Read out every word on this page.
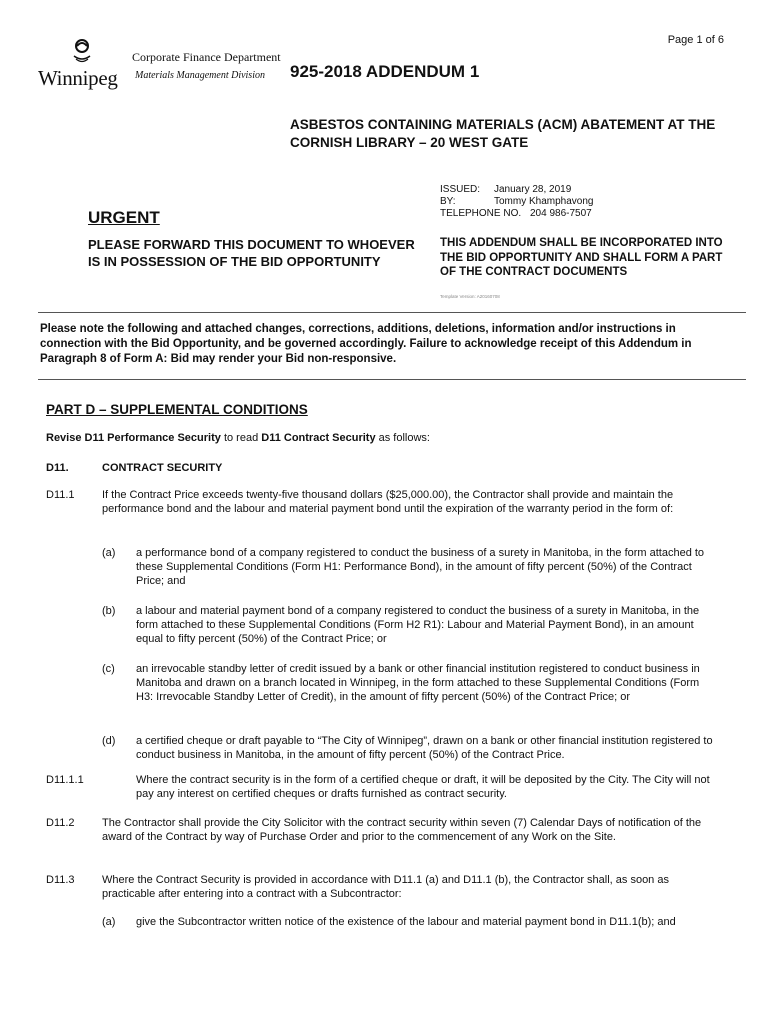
Page 1 of 6
Winnipeg
Corporate Finance Department
Materials Management Division 925-2018 ADDENDUM 1
ASBESTOS CONTAINING MATERIALS (ACM) ABATEMENT AT THE CORNISH LIBRARY – 20 WEST GATE
ISSUED:	January 28, 2019
BY:	Tommy Khamphavong
TELEPHONE NO. 204 986-7507
URGENT
PLEASE FORWARD THIS DOCUMENT TO WHOEVER IS IN POSSESSION OF THE BID OPPORTUNITY
THIS ADDENDUM SHALL BE INCORPORATED INTO THE BID OPPORTUNITY AND SHALL FORM A PART OF THE CONTRACT DOCUMENTS
Template Version: A20160708
Please note the following and attached changes, corrections, additions, deletions, information and/or instructions in connection with the Bid Opportunity, and be governed accordingly. Failure to acknowledge receipt of this Addendum in Paragraph 8 of Form A: Bid may render your Bid non-responsive.
PART D – SUPPLEMENTAL CONDITIONS
Revise D11 Performance Security to read D11 Contract Security as follows:
D11.	CONTRACT SECURITY
D11.1 If the Contract Price exceeds twenty-five thousand dollars ($25,000.00), the Contractor shall provide and maintain the performance bond and the labour and material payment bond until the expiration of the warranty period in the form of:
(a) a performance bond of a company registered to conduct the business of a surety in Manitoba, in the form attached to these Supplemental Conditions (Form H1: Performance Bond), in the amount of fifty percent (50%) of the Contract Price; and
(b) a labour and material payment bond of a company registered to conduct the business of a surety in Manitoba, in the form attached to these Supplemental Conditions (Form H2 R1): Labour and Material Payment Bond), in an amount equal to fifty percent (50%) of the Contract Price; or
(c) an irrevocable standby letter of credit issued by a bank or other financial institution registered to conduct business in Manitoba and drawn on a branch located in Winnipeg, in the form attached to these Supplemental Conditions (Form H3: Irrevocable Standby Letter of Credit), in the amount of fifty percent (50%) of the Contract Price; or
(d) a certified cheque or draft payable to “The City of Winnipeg”, drawn on a bank or other financial institution registered to conduct business in Manitoba, in the amount of fifty percent (50%) of the Contract Price.
D11.1.1	Where the contract security is in the form of a certified cheque or draft, it will be deposited by the City. The City will not pay any interest on certified cheques or drafts furnished as contract security.
D11.2 The Contractor shall provide the City Solicitor with the contract security within seven (7) Calendar Days of notification of the award of the Contract by way of Purchase Order and prior to the commencement of any Work on the Site.
D11.3 Where the Contract Security is provided in accordance with D11.1 (a) and D11.1 (b), the Contractor shall, as soon as practicable after entering into a contract with a Subcontractor:
(a) give the Subcontractor written notice of the existence of the labour and material payment bond in D11.1(b); and
